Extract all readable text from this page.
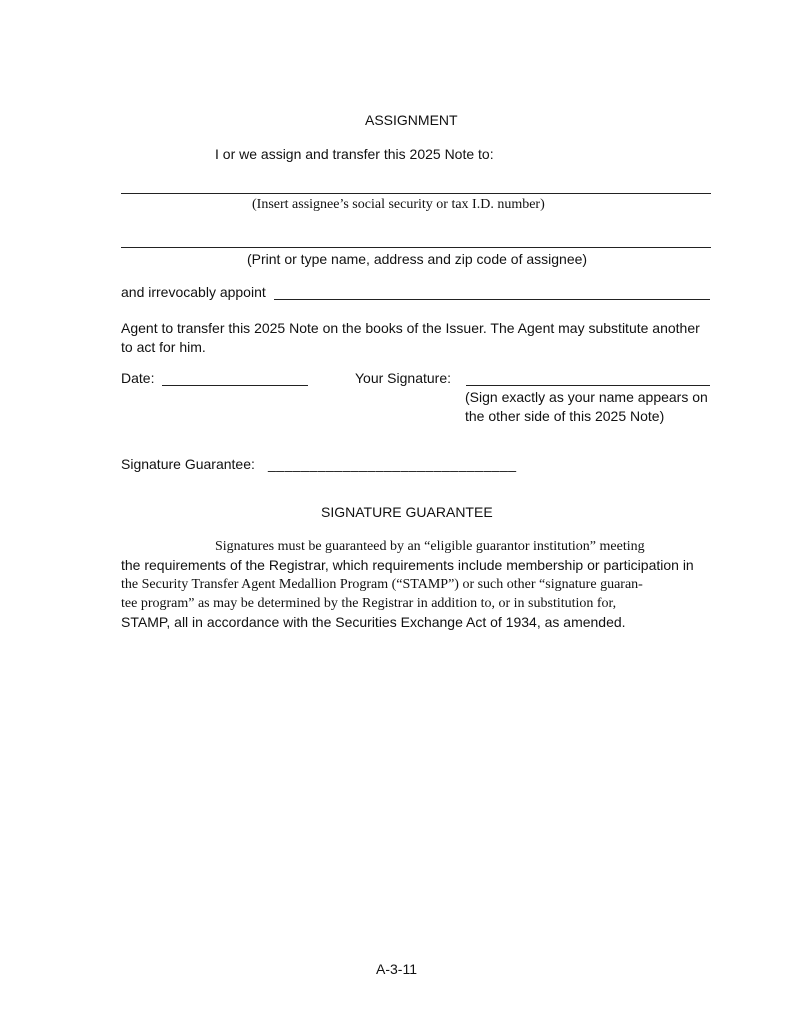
ASSIGNMENT
I or we assign and transfer this 2025 Note to:
(Insert assignee’s social security or tax I.D. number)
(Print or type name, address and zip code of assignee)
and irrevocably appoint
Agent to transfer this 2025 Note on the books of the Issuer. The Agent may substitute another
to act for him.
Date:	Your Signature:
(Sign exactly as your name appears on
the other side of this 2025 Note)
Signature Guarantee: ______________________________
SIGNATURE GUARANTEE
Signatures must be guaranteed by an “eligible guarantor institution” meeting
the requirements of the Registrar, which requirements include membership or participation in
the Security Transfer Agent Medallion Program (“STAMP”) or such other “signature guaran-
tee program” as may be determined by the Registrar in addition to, or in substitution for,
STAMP, all in accordance with the Securities Exchange Act of 1934, as amended.
A-3-11
